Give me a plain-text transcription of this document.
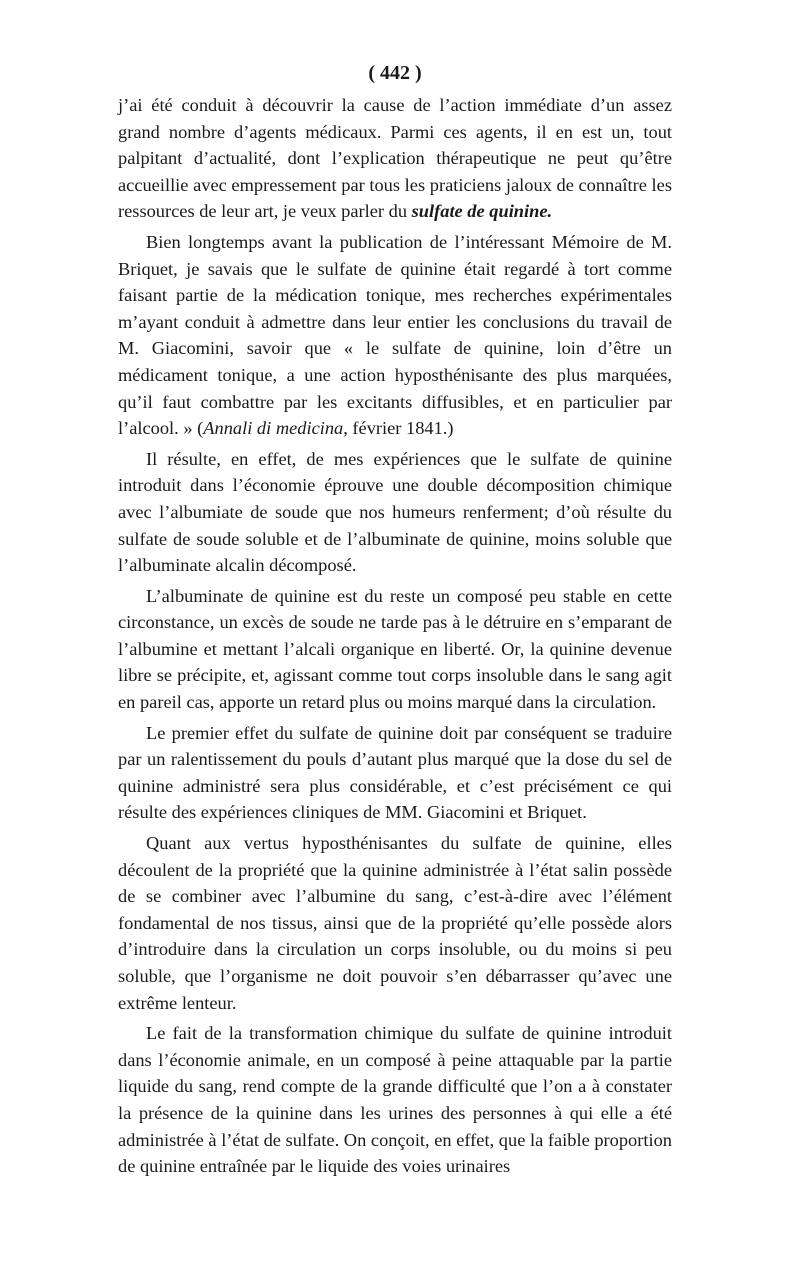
( 442 )

j’ai été conduit à découvrir la cause de l’action immédiate d’un assez grand nombre d’agents médicaux. Parmi ces agents, il en est un, tout palpitant d’actualité, dont l’explication thérapeutique ne peut qu’être accueillie avec empressement par tous les praticiens jaloux de connaître les ressources de leur art, je veux parler du sulfate de quinine.

Bien longtemps avant la publication de l’intéressant Mémoire de M. Briquet, je savais que le sulfate de quinine était regardé à tort comme faisant partie de la médication tonique, mes recherches expérimentales m’ayant conduit à admettre dans leur entier les conclusions du travail de M. Giacomini, savoir que « le sulfate de quinine, loin d’être un médicament tonique, a une action hyposthénisante des plus marquées, qu’il faut combattre par les excitants diffusibles, et en particulier par l’alcool. » (Annali di medicina, février 1841.)

Il résulte, en effet, de mes expériences que le sulfate de quinine introduit dans l’économie éprouve une double décomposition chimique avec l’albumiate de soude que nos humeurs renferment; d’où résulte du sulfate de soude soluble et de l’albuminate de quinine, moins soluble que l’albuminate alcalin décomposé.

L’albuminate de quinine est du reste un composé peu stable en cette circonstance, un excès de soude ne tarde pas à le détruire en s’emparant de l’albumine et mettant l’alcali organique en liberté. Or, la quinine devenue libre se précipite, et, agissant comme tout corps insoluble dans le sang agit en pareil cas, apporte un retard plus ou moins marqué dans la circulation.

Le premier effet du sulfate de quinine doit par conséquent se traduire par un ralentissement du pouls d’autant plus marqué que la dose du sel de quinine administré sera plus considérable, et c’est précisément ce qui résulte des expériences cliniques de MM. Giacomini et Briquet.

Quant aux vertus hyposthénisantes du sulfate de quinine, elles découlent de la propriété que la quinine administrée à l’état salin possède de se combiner avec l’albumine du sang, c’est-à-dire avec l’élément fondamental de nos tissus, ainsi que de la propriété qu’elle possède alors d’introduire dans la circulation un corps insoluble, ou du moins si peu soluble, que l’organisme ne doit pouvoir s’en débarrasser qu’avec une extrême lenteur.

Le fait de la transformation chimique du sulfate de quinine introduit dans l’économie animale, en un composé à peine attaquable par la partie liquide du sang, rend compte de la grande difficulté que l’on a à constater la présence de la quinine dans les urines des personnes à qui elle a été administrée à l’état de sulfate. On conçoit, en effet, que la faible proportion de quinine entraînée par le liquide des voies urinaires
